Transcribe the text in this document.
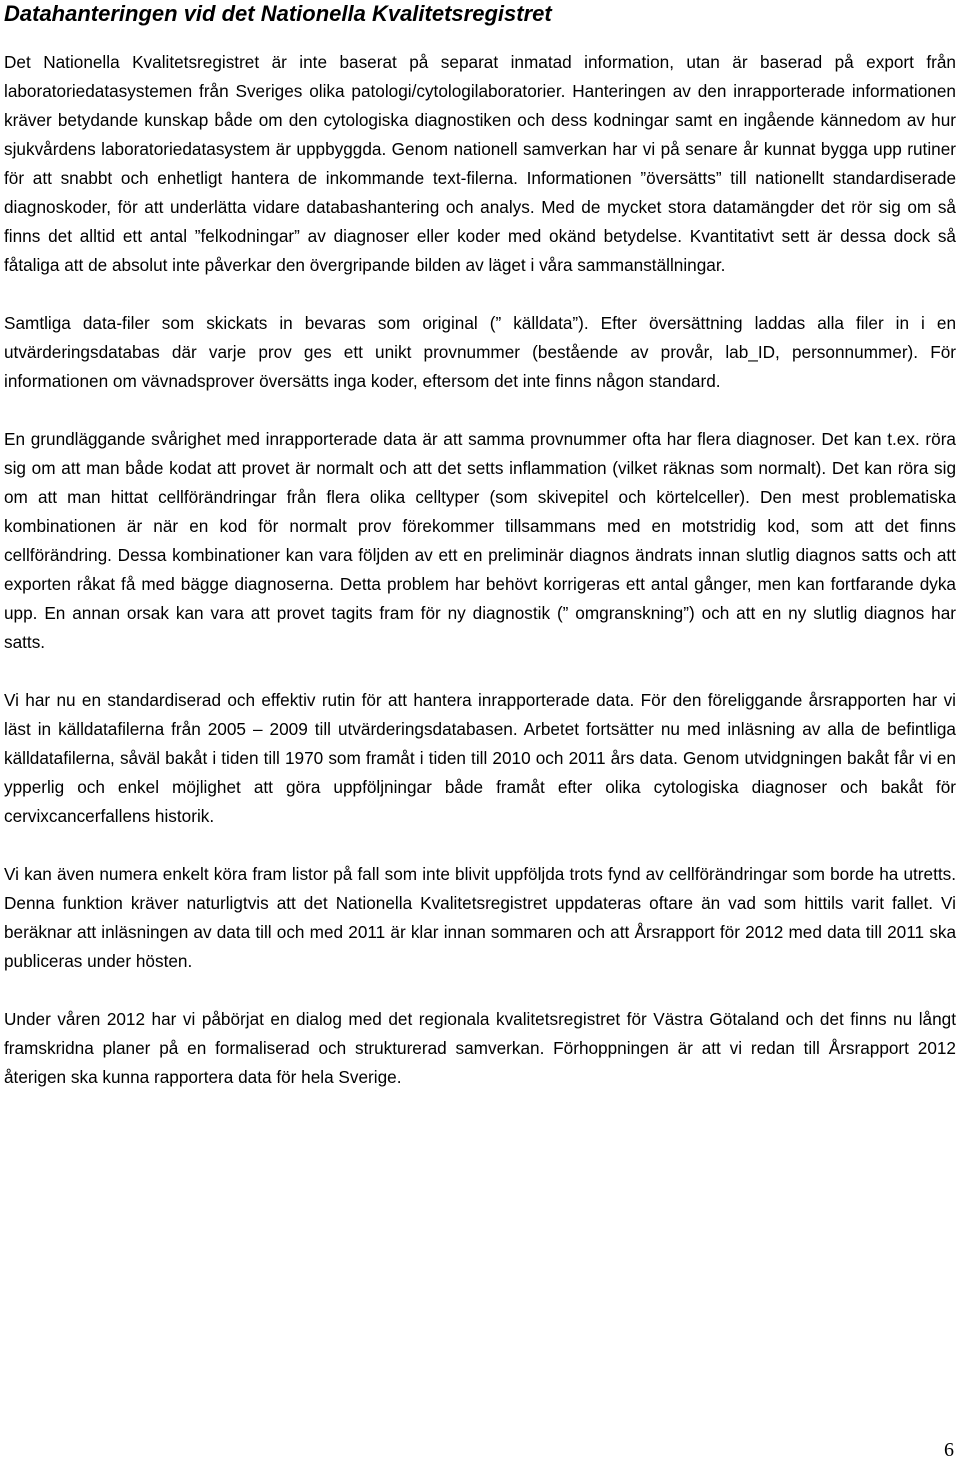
Datahanteringen vid det Nationella Kvalitetsregistret

Det Nationella Kvalitetsregistret är inte baserat på separat inmatad information, utan är baserad på export från laboratoriedatasystemen från Sveriges olika patologi/cytologilaboratorier. Hanteringen av den inrapporterade informationen kräver betydande kunskap både om den cytologiska diagnostiken och dess kodningar samt en ingående kännedom av hur sjukvårdens laboratoriedatasystem är uppbyggda. Genom nationell samverkan har vi på senare år kunnat bygga upp rutiner för att snabbt och enhetligt hantera de inkommande text-filerna. Informationen ”översätts” till nationellt standardiserade diagnoskoder, för att underlätta vidare databashantering och analys. Med de mycket stora datamängder det rör sig om så finns det alltid ett antal ”felkodningar” av diagnoser eller koder med okänd betydelse. Kvantitativt sett är dessa dock så fåtaliga att de absolut inte påverkar den övergripande bilden av läget i våra sammanställningar.

Samtliga data-filer som skickats in bevaras som original (” källdata”). Efter översättning laddas alla filer in i en utvärderingsdatabas där varje prov ges ett unikt provnummer (bestående av provår, lab_ID, personnummer). För informationen om vävnadsprover översätts inga koder, eftersom det inte finns någon standard.

En grundläggande svårighet med inrapporterade data är att samma provnummer ofta har flera diagnoser. Det kan t.ex. röra sig om att man både kodat att provet är normalt och att det setts inflammation (vilket räknas som normalt). Det kan röra sig om att man hittat cellförändringar från flera olika celltyper (som skivepitel och körtelceller). Den mest problematiska kombinationen är när en kod för normalt prov förekommer tillsammans med en motstridig kod, som att det finns cellförändring. Dessa kombinationer kan vara följden av ett en preliminär diagnos ändrats innan slutlig diagnos satts och att exporten råkat få med bägge diagnoserna. Detta problem har behövt korrigeras ett antal gånger, men kan fortfarande dyka upp. En annan orsak kan vara att provet tagits fram för ny diagnostik (” omgranskning”) och att en ny slutlig diagnos har satts.

Vi har nu en standardiserad och effektiv rutin för att hantera inrapporterade data. För den föreliggande årsrapporten har vi läst in källdatafilerna från 2005 – 2009 till utvärderingsdatabasen. Arbetet fortsätter nu med inläsning av alla de befintliga källdatafilerna, såväl bakåt i tiden till 1970 som framåt i tiden till 2010 och 2011 års data. Genom utvidgningen bakåt får vi en ypperlig och enkel möjlighet att göra uppföljningar både framåt efter olika cytologiska diagnoser och bakåt för cervixcancerfallens historik.

Vi kan även numera enkelt köra fram listor på fall som inte blivit uppföljda trots fynd av cellförändringar som borde ha utretts. Denna funktion kräver naturligtvis att det Nationella Kvalitetsregistret uppdateras oftare än vad som hittils varit fallet. Vi beräknar att inläsningen av data till och med 2011 är klar innan sommaren och att Årsrapport för 2012 med data till 2011 ska publiceras under hösten.

Under våren 2012 har vi påbörjat en dialog med det regionala kvalitetsregistret för Västra Götaland och det finns nu långt framskridna planer på en formaliserad och strukturerad samverkan. Förhoppningen är att vi redan till Årsrapport 2012 återigen ska kunna rapportera data för hela Sverige.

6
